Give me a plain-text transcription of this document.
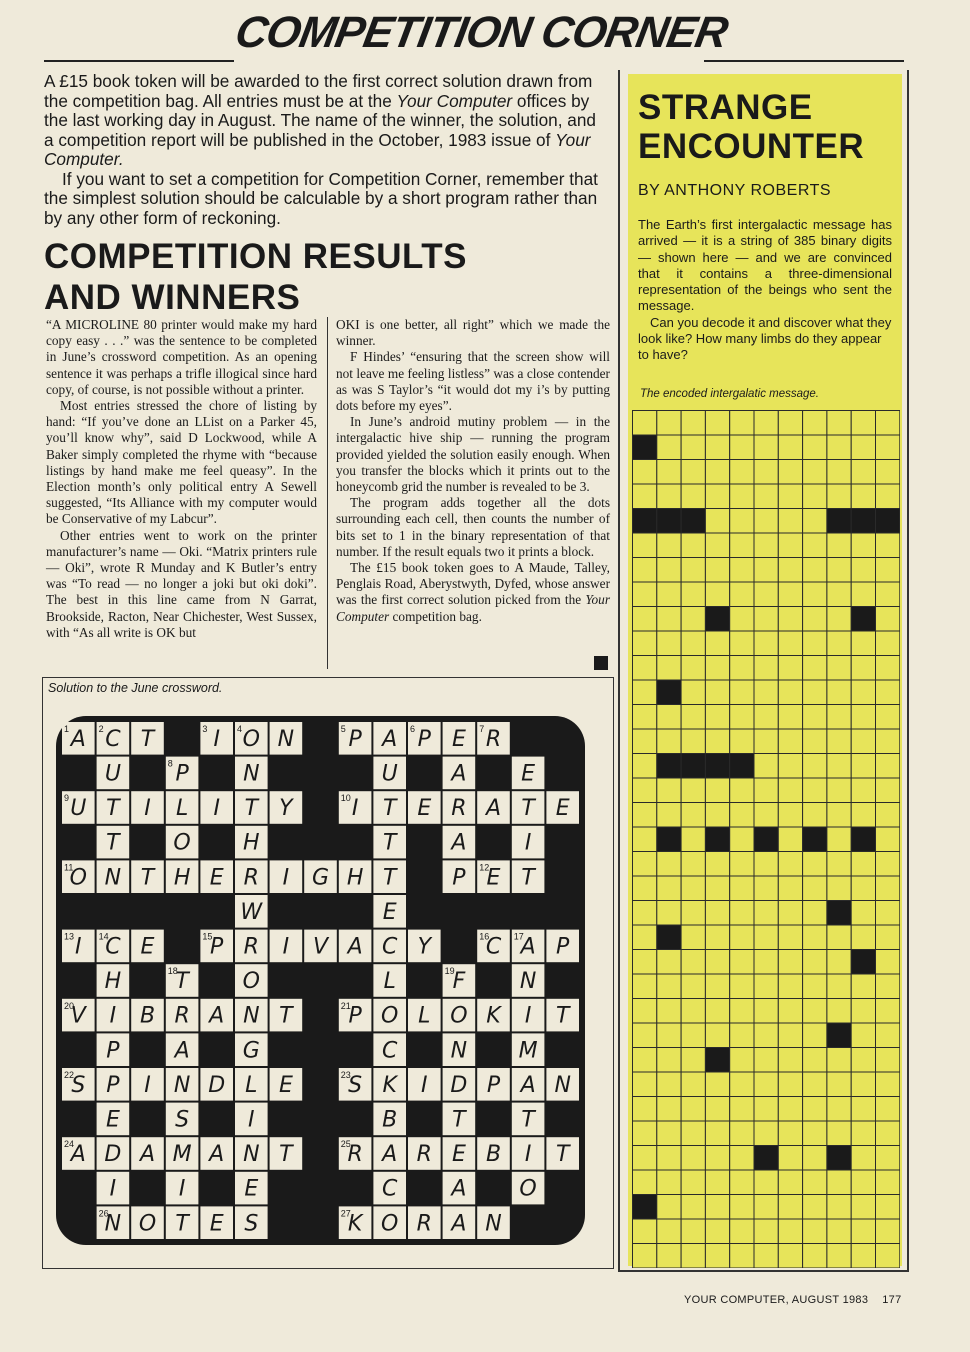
COMPETITION CORNER

A £15 book token will be awarded to the first correct solution drawn from the competition bag. All entries must be at the Your Computer offices by the last working day in August. The name of the winner, the solution, and a competition report will be published in the October, 1983 issue of Your Computer.

If you want to set a competition for Competition Corner, remember that the simplest solution should be calculable by a short program rather than by any other form of reckoning.

COMPETITION RESULTS
AND WINNERS

“A MICROLINE 80 printer would make my hard copy easy . . .” was the sentence to be completed in June’s crossword competition. As an opening sentence it was perhaps a trifle illogical since hard copy, of course, is not possible without a printer.

Most entries stressed the chore of listing by hand: “If you’ve done an LList on a Parker 45, you’ll know why”, said D Lockwood, while A Baker simply completed the rhyme with “because listings by hand make me feel queasy”. In the Election month’s only political entry A Sewell suggested, “Its Alliance with my computer would be Conservative of my Labcur”.

Other entries went to work on the printer manufacturer’s name — Oki. “Matrix printers rule — Oki”, wrote R Munday and K Butler’s entry was “To read — no longer a joki but oki doki”. The best in this line came from N Garrat, Brookside, Racton, Near Chichester, West Sussex, with “As all write is OK but

OKI is one better, all right” which we made the winner.

F Hindes’ “ensuring that the screen show will not leave me feeling listless” was a close contender as was S Taylor’s “it would dot my i’s by putting dots before my eyes”.

In June’s android mutiny problem — in the intergalactic hive ship — running the program provided yielded the solution easily enough. When you transfer the blocks which it prints out to the honeycomb grid the number is revealed to be 3.

The program adds together all the dots surrounding each cell, then counts the number of bits set to 1 in the binary representation of that number. If the result equals two it prints a block.

The £15 book token goes to A Maude, Talley, Penglais Road, Aberystwyth, Dyfed, whose answer was the first correct solution picked from the Your Computer competition bag.

Solution to the June crossword.
A C T	I O N P A P E R
U P N	U A E
U T I L I T Y	I T E R A T E
T O H	T A	I
O N T H E R I G H T	P E T
W	E
I C E	P R I V A C Y C A P
H T O	L	F N
V I B R A N T	P O L O K I T
P	A G	C N M
S P I N D L E	S K I D P A N
E	S	I	B T	T
A D A M A N T R A R E B I T
I	I	E	C A O
N O T E S	K O R A N
1	2	3	4	5	6	7
8
9	10
11	12
13	14	15	16	17
18	19
20	21
22	23
24	25
26	27
STRANGE
ENCOUNTER
BY ANTHONY ROBERTS

The Earth’s first intergalactic message has arrived — it is a string of 385 binary digits — shown here — and we are convinced that it contains a three-dimensional representation of the beings who sent the message.

Can you decode it and discover what they look like? How many limbs do they appear to have?

The encoded intergalatic message.
YOUR COMPUTER, AUGUST 1983 177
